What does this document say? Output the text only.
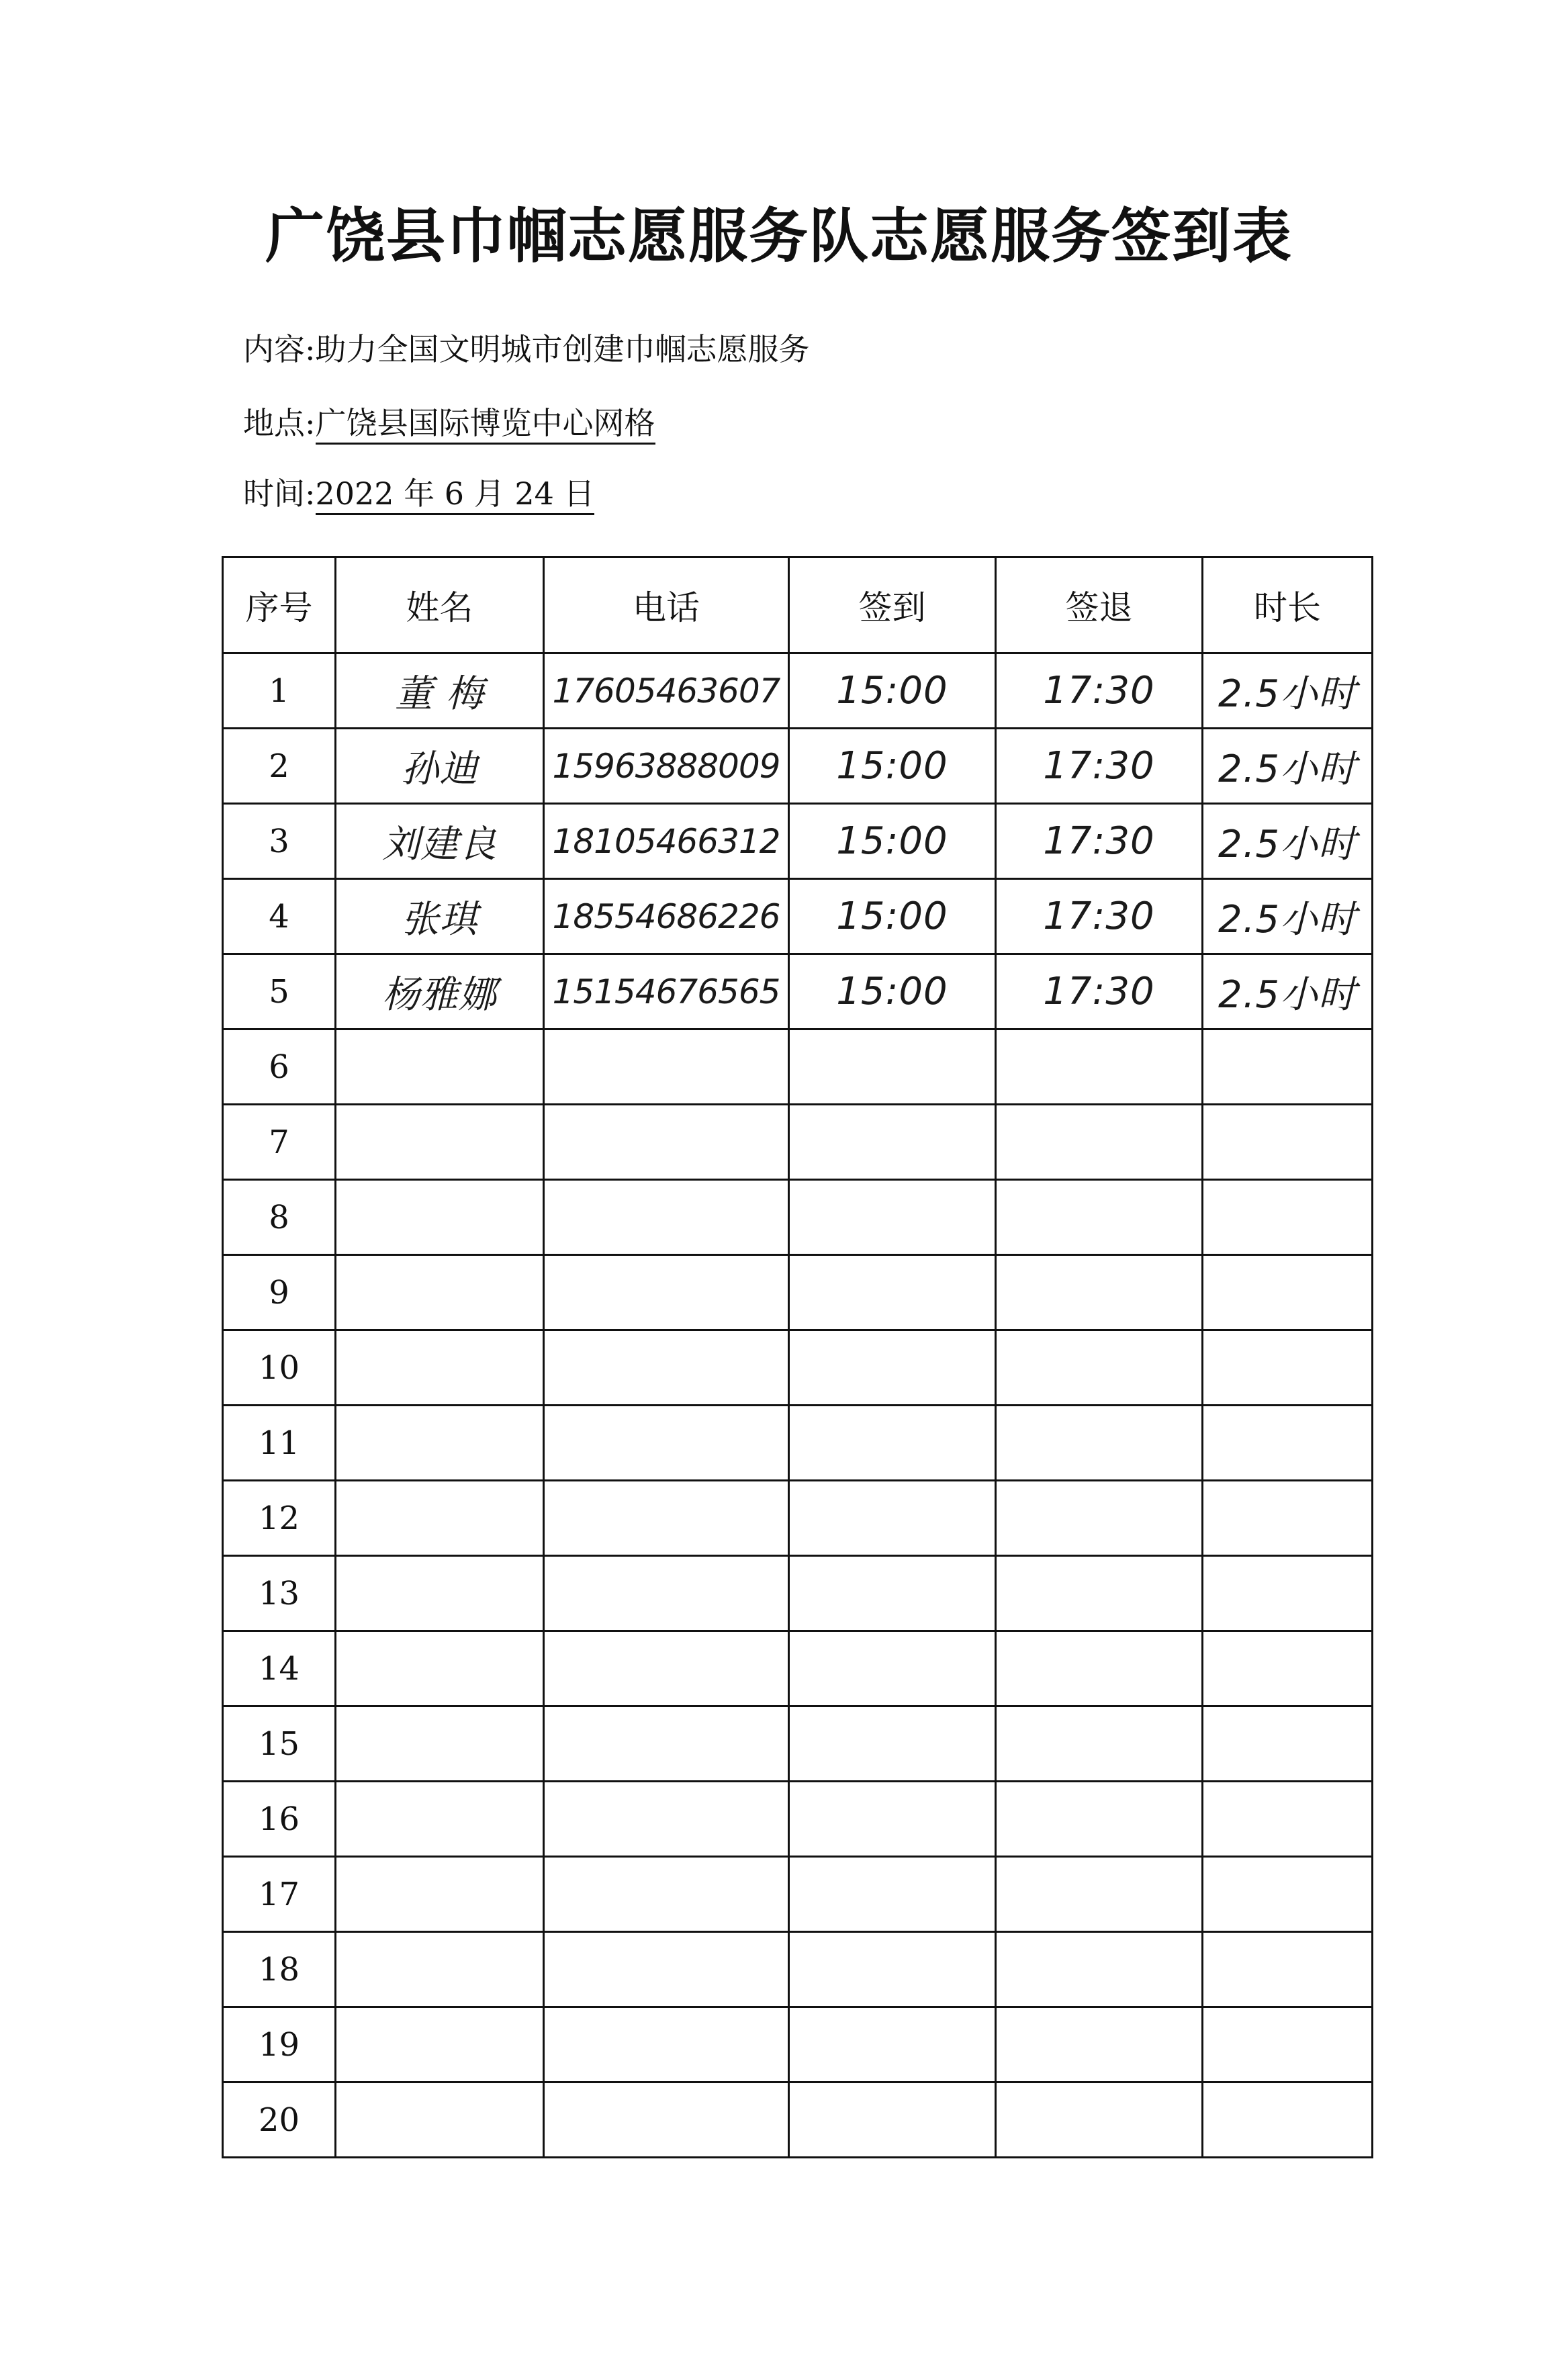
广饶县巾帼志愿服务队志愿服务签到表
内容:助力全国文明城市创建巾帼志愿服务
地点:广饶县国际博览中心网格
时间:2022 年 6 月 24 日
序号	姓名	电话	签到	签退	时长
1	董 梅	17605463607	15:00	17:30	2.5小时
2	孙迪	15963888009	15:00	17:30	2.5小时
3	刘建良	18105466312	15:00	17:30	2.5小时
4	张琪	18554686226	15:00	17:30	2.5小时
5	杨雅娜	15154676565	15:00	17:30	2.5小时
6					
7					
8					
9					
10					
11					
12					
13					
14					
15					
16					
17					
18					
19					
20					
